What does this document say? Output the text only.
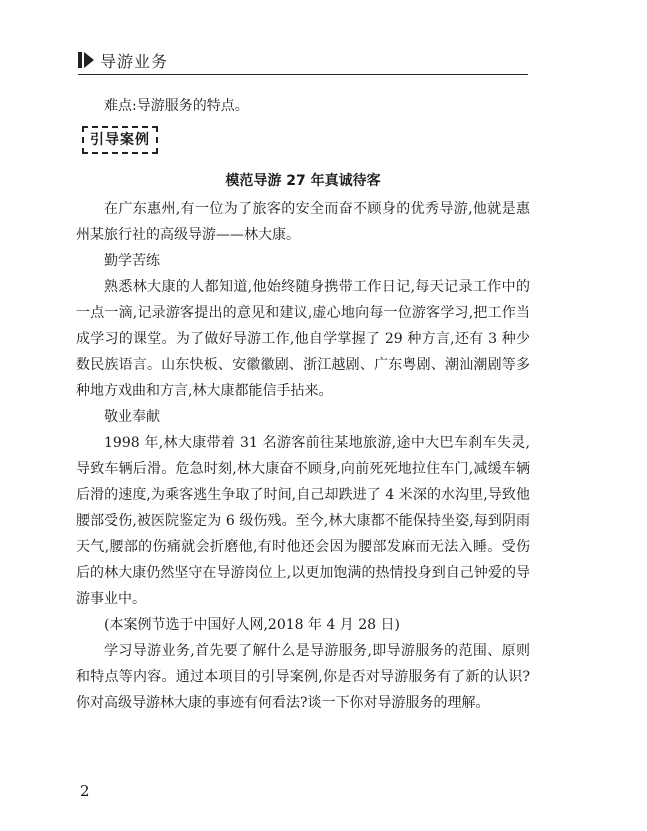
导游业务
难点:导游服务的特点。
引导案例
模范导游 27 年真诚待客
在广东惠州,有一位为了旅客的安全而奋不顾身的优秀导游,他就是惠州某旅行社的高级导游——林大康。
勤学苦练
熟悉林大康的人都知道,他始终随身携带工作日记,每天记录工作中的一点一滴,记录游客提出的意见和建议,虚心地向每一位游客学习,把工作当成学习的课堂。为了做好导游工作,他自学掌握了 29 种方言,还有 3 种少数民族语言。山东快板、安徽徽剧、浙江越剧、广东粤剧、潮汕潮剧等多种地方戏曲和方言,林大康都能信手拈来。
敬业奉献
1998 年,林大康带着 31 名游客前往某地旅游,途中大巴车刹车失灵,导致车辆后滑。危急时刻,林大康奋不顾身,向前死死地拉住车门,减缓车辆后滑的速度,为乘客逃生争取了时间,自己却跌进了 4 米深的水沟里,导致他腰部受伤,被医院鉴定为 6 级伤残。至今,林大康都不能保持坐姿,每到阴雨天气,腰部的伤痛就会折磨他,有时他还会因为腰部发麻而无法入睡。受伤后的林大康仍然坚守在导游岗位上,以更加饱满的热情投身到自己钟爱的导游事业中。
(本案例节选于中国好人网,2018 年 4 月 28 日)
学习导游业务,首先要了解什么是导游服务,即导游服务的范围、原则和特点等内容。通过本项目的引导案例,你是否对导游服务有了新的认识?你对高级导游林大康的事迹有何看法?谈一下你对导游服务的理解。
2
